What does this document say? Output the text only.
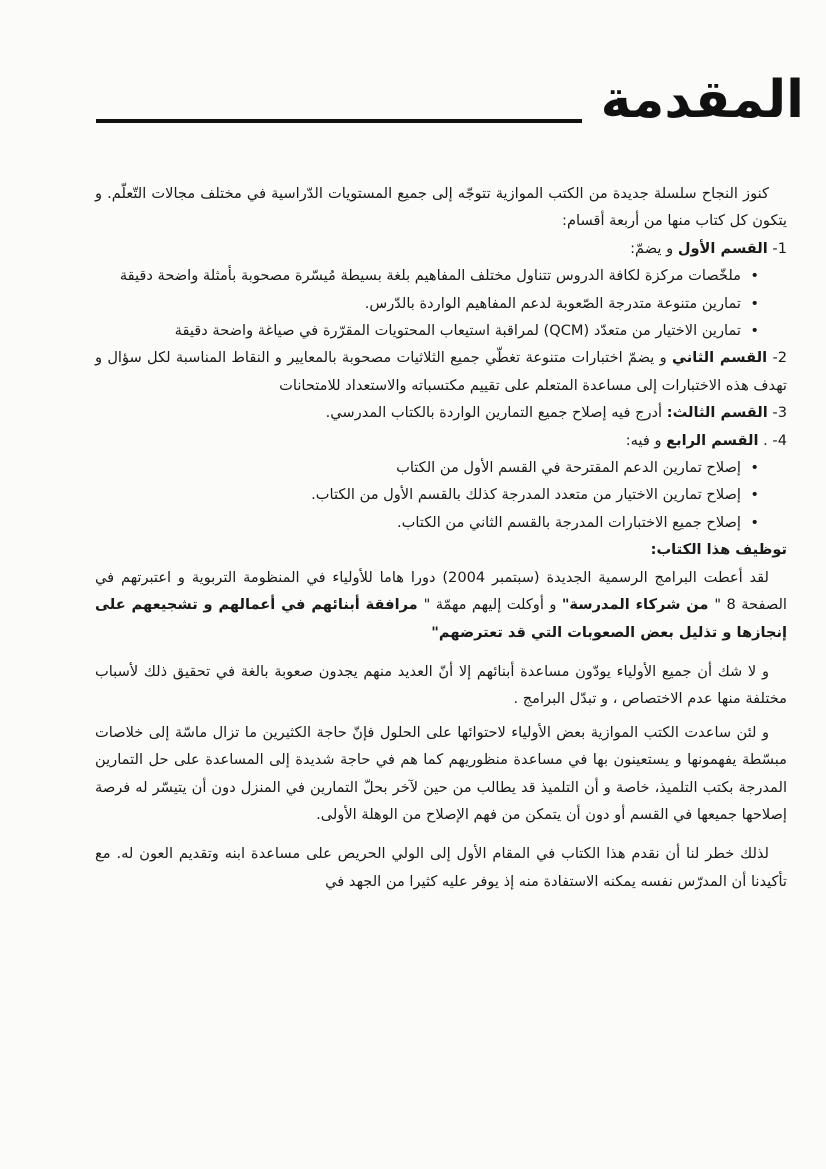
المقدمة

كنوز النجاح سلسلة جديدة من الكتب الموازية تتوجّه إلى جميع المستويات الدّراسية في مختلف مجالات التّعلّم. و يتكون كل كتاب منها من أربعة أقسام:

1- القسم الأول و يضمّ:

•
ملخّصات مركزة لكافة الدروس تتناول مختلف المفاهيم بلغة بسيطة مُيسّرة مصحوبة بأمثلة واضحة دقيقة
•
تمارين متنوعة متدرجة الصّعوبة لدعم المفاهيم الواردة بالدّرس.
•
تمارين الاختيار من متعدّد (QCM) لمراقبة استيعاب المحتويات المقرّرة في صياغة واضحة دقيقة

2- القسم الثاني و يضمّ اختبارات متنوعة تغطّي جميع الثلاثيات مصحوبة بالمعايير و النقاط المناسبة لكل سؤال و تهدف هذه الاختبارات إلى مساعدة المتعلم على تقييم مكتسباته والاستعداد للامتحانات

3- القسم الثالث: أدرج فيه إصلاح جميع التمارين الواردة بالكتاب المدرسي.

4- . القسم الرابع و فيه:

•
إصلاح تمارين الدعم المقترحة في القسم الأول من الكتاب
•
إصلاح تمارين الاختيار من متعدد المدرجة كذلك بالقسم الأول من الكتاب.
•
إصلاح جميع الاختبارات المدرجة بالقسم الثاني من الكتاب.

توظيف هذا الكتاب:

لقد أعطت البرامج الرسمية الجديدة (سبتمبر 2004) دورا هاما للأولياء في المنظومة التربوية و اعتبرتهم في الصفحة 8 " من شركاء المدرسة" و أوكلت إليهم مهمّة " مرافقة أبنائهم في أعمالهم و تشجيعهم على إنجازها و تذليل بعض الصعوبات التي قد تعترضهم"

و لا شك أن جميع الأولياء يودّون مساعدة أبنائهم إلا أنّ العديد منهم يجدون صعوبة بالغة في تحقيق ذلك لأسباب مختلفة منها عدم الاختصاص ، و تبدّل البرامج .

و لئن ساعدت الكتب الموازية بعض الأولياء لاحتوائها على الحلول فإنّ حاجة الكثيرين ما تزال ماسّة إلى خلاصات مبسّطة يفهمونها و يستعينون بها في مساعدة منظوريهم كما هم في حاجة شديدة إلى المساعدة على حل التمارين المدرجة بكتب التلميذ، خاصة و أن التلميذ قد يطالب من حين لآخر بحلّ التمارين في المنزل دون أن يتيسّر له فرصة إصلاحها جميعها في القسم أو دون أن يتمكن من فهم الإصلاح من الوهلة الأولى.

لذلك خطر لنا أن نقدم هذا الكتاب في المقام الأول إلى الولي الحريص على مساعدة ابنه وتقديم العون له. مع تأكيدنا أن المدرّس نفسه يمكنه الاستفادة منه إذ يوفر عليه كثيرا من الجهد في
